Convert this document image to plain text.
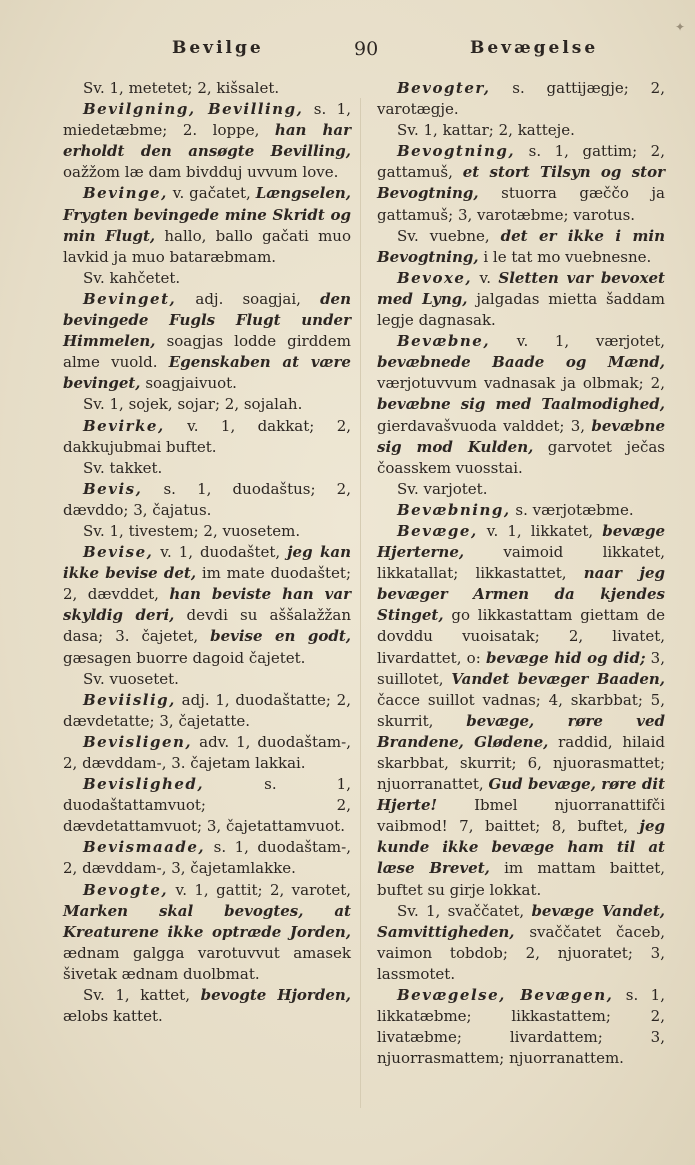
✦
Bevilge	90	Bevægelse

Sv. 1, metetet; 2, kišsalet.

Bevilgning, Bevilling, s. 1, miedetæbme; 2. loppe, han har erholdt den ansøgte Bevilling, oažžom læ dam bivdduj uvvum love.

Bevinge, v. gačatet, Længselen, Frygten bevingede mine Skridt og min Flugt, hallo, ballo gačati muo lavkid ja muo bataræbmam.

Sv. kahčetet.

Bevinget, adj. soagjai, den bevingede Fugls Flugt under Himmelen, soagjas lodde girddem alme vuold. Egenskaben at være bevinget, soagjaivuot.

Sv. 1, sojek, sojar; 2, sojalah.

Bevirke, v. 1, dakkat; 2, dakkujubmai buftet.

Sv. takket.

Bevis, s. 1, duodaštus; 2, dævddo; 3, čajatus.

Sv. 1, tivestem; 2, vuosetem.

Bevise, v. 1, duodaštet, jeg kan ikke bevise det, im mate duodaštet; 2, dævddet, han beviste han var skyldig deri, devdi su aššalažžan dasa; 3. čajetet, bevise en godt, gæsagen buorre dagoid čajetet.

Sv. vuosetet.

Beviislig, adj. 1, duodaštatte; 2, dævdetatte; 3, čajetatte.

Bevisligen, adv. 1, duodaštam-, 2, dævddam-, 3. čajetam lakkai.

Bevislighed, s. 1, duodaštattamvuot; 2, dævdetattamvuot; 3, čajetattamvuot.

Bevismaade, s. 1, duodaštam-, 2, dævddam-, 3, čajetamlakke.

Bevogte, v. 1, gattit; 2, varotet, Marken skal bevogtes, at Kreaturene ikke optræde Jorden, ædnam galgga varotuvvut amasek šivetak ædnam duolbmat.

Sv. 1, kattet, bevogte Hjorden, ælobs kattet.

Bevogter, s. gattijægje; 2, varotægje.

Sv. 1, kattar; 2, katteje.

Bevogtning, s. 1, gattim; 2, gattamuš, et stort Tilsyn og stor Bevogtning, stuorra gæččo ja gattamuš; 3, varotæbme; varotus.

Sv. vuebne, det er ikke i min Bevogtning, i le tat mo vuebnesne.

Bevoxe, v. Sletten var bevoxet med Lyng, jalgadas mietta šaddam legje dagnasak.

Bevæbne, v. 1, værjotet, bevæbnede Baade og Mænd, værjotuvvum vadnasak ja olbmak; 2, bevæbne sig med Taalmodighed, gierdavašvuoda valddet; 3, bevæbne sig mod Kulden, garvotet ječas čoasskem vuosstai.

Sv. varjotet.

Bevæbning, s. værjotæbme.

Bevæge, v. 1, likkatet, bevæge Hjerterne, vaimoid likkatet, likkatallat; likkastattet, naar jeg bevæger Armen da kjendes Stinget, go likkastattam giettam de dovddu vuoisatak; 2, livatet, livardattet, o: bevæge hid og did; 3, suillotet, Vandet bevæger Baaden, čacce suillot vadnas; 4, skarbbat; 5, skurrit, bevæge, røre ved Brandene, Glødene, raddid, hilaid skarbbat, skurrit; 6, njuorasmattet; njuorranattet, Gud bevæge, røre dit Hjerte! Ibmel njuorranattifči vaibmod! 7, baittet; 8, buftet, jeg kunde ikke bevæge ham til at læse Brevet, im mattam baittet, buftet su girje lokkat.

Sv. 1, svaččatet, bevæge Vandet, Samvittigheden, svaččatet čaceb, vaimon tobdob; 2, njuoratet; 3, lassmotet.

Bevægelse, Bevægen, s. 1, likkatæbme; likkastattem; 2, livatæbme; livardattem; 3, njuorrasmattem; njuorranattem.
